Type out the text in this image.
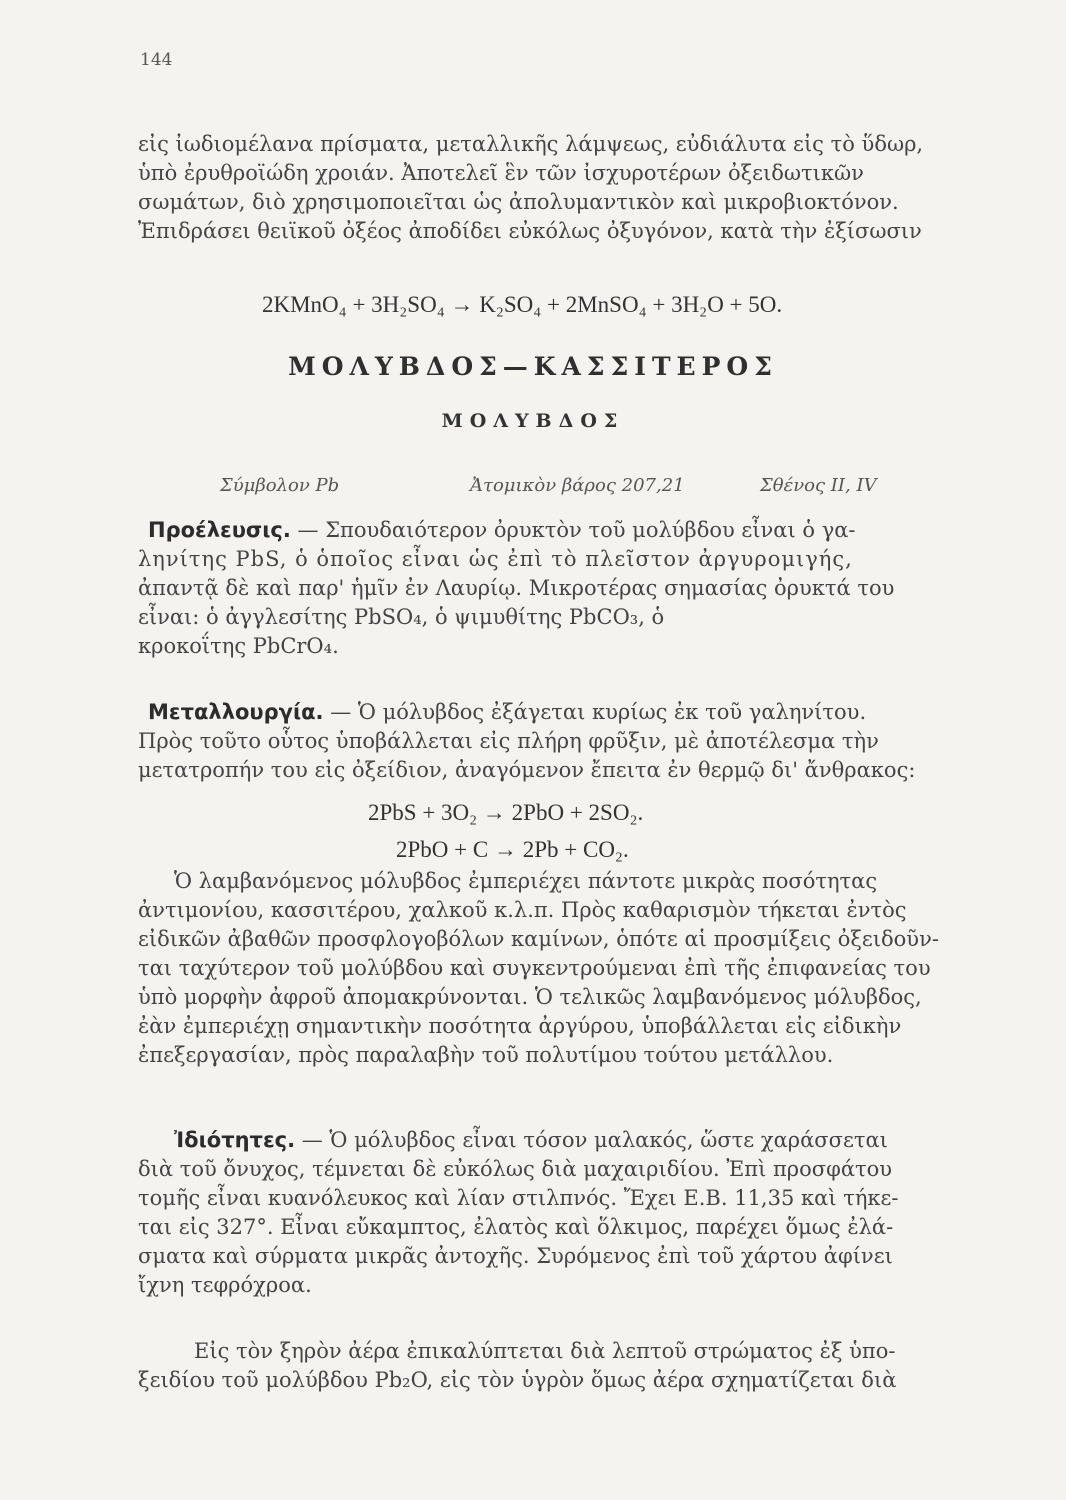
144
εἰς ἰωδιομέλανα πρίσματα, μεταλλικῆς λάμψεως, εὐδιάλυτα εἰς τὸ ὕδωρ,
ὑπὸ ἐρυθροϊώδη χροιάν. Ἀποτελεῖ ἓν τῶν ἰσχυροτέρων ὀξειδωτικῶν
σωμάτων, διὸ χρησιμοποιεῖται ὡς ἀπολυμαντικὸν καὶ μικροβιοκτόνον.
Ἐπιδράσει θειϊκοῦ ὀξέος ἀποδίδει εὐκόλως ὀξυγόνον, κατὰ τὴν ἐξίσωσιν
2KMnO₄ + 3H₂SO₄ → K₂SO₄ + 2MnSO₄ + 3H₂O + 5O.
ΜΟΛΥΒΔΟΣ—ΚΑΣΣΙΤΕΡΟΣ
ΜΟΛΥΒΔΟΣ
Σύμβολον Pb	Ἀτομικὸν βάρος 207,21	Σθένος II, IV
Προέλευσις. — Σπουδαιότερον ὀρυκτὸν τοῦ μολύβδου εἶναι ὁ γα-
ληνίτης PbS, ὁ ὁποῖος εἶναι ὡς ἐπὶ τὸ πλεῖστον ἀργυρομιγής,
ἀπαντᾷ δὲ καὶ παρ' ἡμῖν ἐν Λαυρίῳ. Μικροτέρας σημασίας ὀρυκτά του
εἶναι: ὁ ἀγγλεσίτης PbSO₄, ὁ ψιμυθίτης PbCO₃, ὁ
κροκοΐτης PbCrO₄.
Μεταλλουργία. — Ὁ μόλυβδος ἐξάγεται κυρίως ἐκ τοῦ γαληνίτου.
Πρὸς τοῦτο οὗτος ὑποβάλλεται εἰς πλήρη φρῦξιν, μὲ ἀποτέλεσμα τὴν
μετατροπήν του εἰς ὀξείδιον, ἀναγόμενον ἔπειτα ἐν θερμῷ δι' ἄνθρακος:
2PbS + 3O₂ → 2PbO + 2SO₂.
2PbO + C → 2Pb + CO₂.
Ὁ λαμβανόμενος μόλυβδος ἐμπεριέχει πάντοτε μικρὰς ποσότητας
ἀντιμονίου, κασσιτέρου, χαλκοῦ κ.λ.π. Πρὸς καθαρισμὸν τήκεται ἐντὸς
εἰδικῶν ἀβαθῶν προσφλογοβόλων καμίνων, ὁπότε αἱ προσμίξεις ὀξειδοῦν-
ται ταχύτερον τοῦ μολύβδου καὶ συγκεντρούμεναι ἐπὶ τῆς ἐπιφανείας του
ὑπὸ μορφὴν ἀφροῦ ἀπομακρύνονται. Ὁ τελικῶς λαμβανόμενος μόλυβδος,
ἐὰν ἐμπεριέχῃ σημαντικὴν ποσότητα ἀργύρου, ὑποβάλλεται εἰς εἰδικὴν
ἐπεξεργασίαν, πρὸς παραλαβὴν τοῦ πολυτίμου τούτου μετάλλου.
Ἰδιότητες. — Ὁ μόλυβδος εἶναι τόσον μαλακός, ὥστε χαράσσεται
διὰ τοῦ ὄνυχος, τέμνεται δὲ εὐκόλως διὰ μαχαιριδίου. Ἐπὶ προσφάτου
τομῆς εἶναι κυανόλευκος καὶ λίαν στιλπνός. Ἔχει Ε.Β. 11,35 καὶ τήκε-
ται εἰς 327°. Εἶναι εὔκαμπτος, ἐλατὸς καὶ ὅλκιμος, παρέχει ὅμως ἐλά-
σματα καὶ σύρματα μικρᾶς ἀντοχῆς. Συρόμενος ἐπὶ τοῦ χάρτου ἀφίνει
ἴχνη τεφρόχροα.
Εἰς τὸν ξηρὸν ἀέρα ἐπικαλύπτεται διὰ λεπτοῦ στρώματος ἐξ ὑπο-
ξειδίου τοῦ μολύβδου Pb₂O, εἰς τὸν ὑγρὸν ὅμως ἀέρα σχηματίζεται διὰ
